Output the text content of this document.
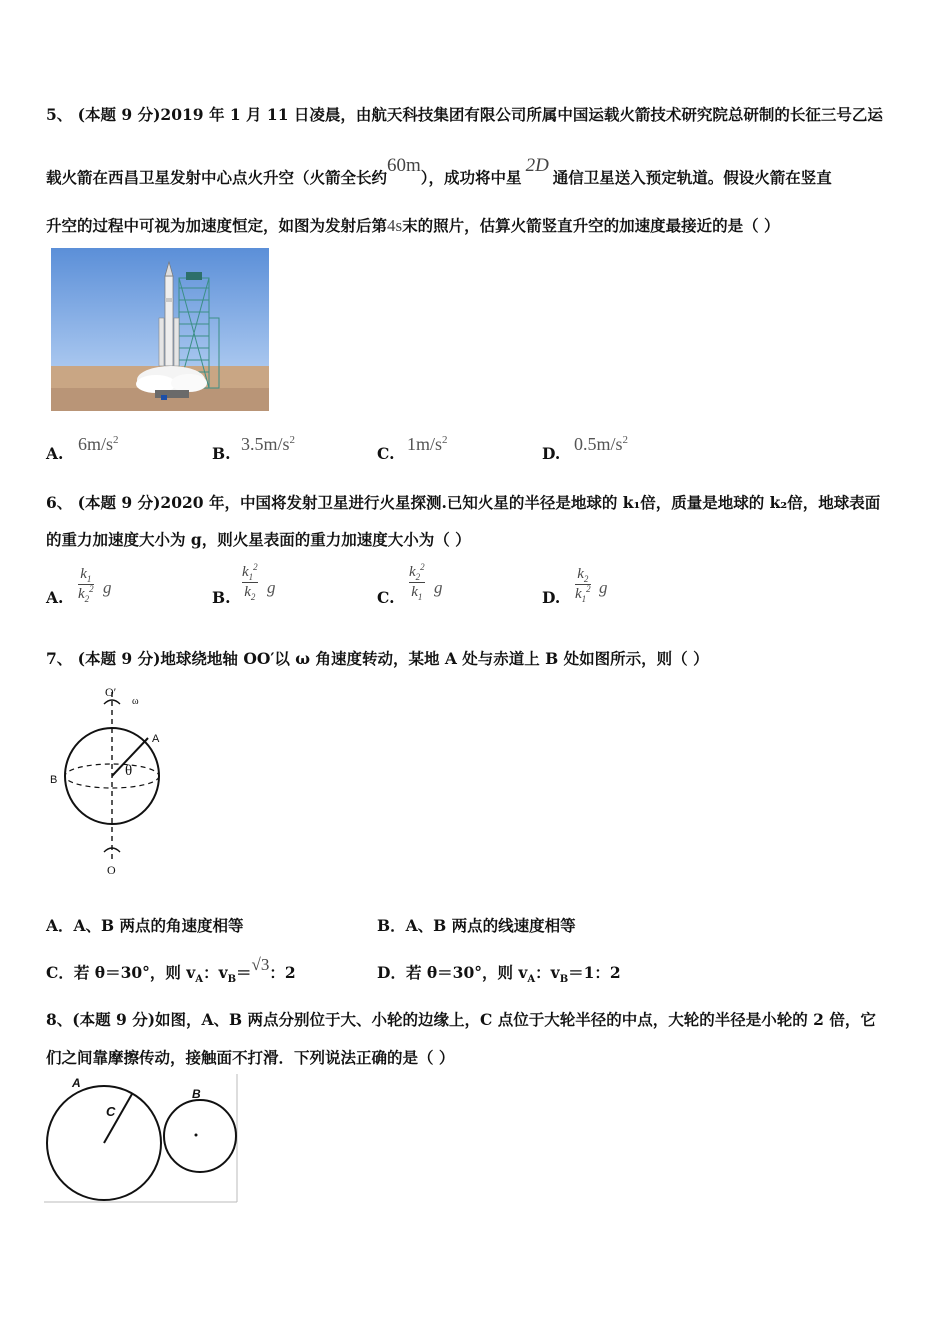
5、 (本题 9 分)2019 年 1 月 11 日凌晨，由航天科技集团有限公司所属中国运载火箭技术研究院总研制的长征三号乙运
载火箭在西昌卫星发射中心点火升空（火箭全长约60m），成功将中星2D通信卫星送入预定轨道。假设火箭在竖直
升空的过程中可视为加速度恒定，如图为发射后第4s末的照片，估算火箭竖直升空的加速度最接近的是（ ）
A. $6m/s^2$
B. $3.5m/s^2$
C. $1m/s^2$
D. $0.5m/s^2$
6、 (本题 9 分)2020 年，中国将发射卫星进行火星探测.已知火星的半径是地球的 k₁倍，质量是地球的 k₂倍，地球表面
的重力加速度大小为 g，则火星表面的重力加速度大小为（ ）
A.
$k_1$
$k_2^2$ g
B.
$k_1^2$
$k_2$ g
C.
$k_2^2$
$k_1$ g
D.
$k_2$
$k_1^2$ g
7、 (本题 9 分)地球绕地轴 OO′以 ω 角速度转动，某地 A 处与赤道上 B 处如图所示，则（ ）
O′
ω
A
B
θ
O
A．A、B 两点的角速度相等	B．A、B 两点的线速度相等
C．若 θ＝30°，则 $v_A$：$v_B=√3$：2	D．若 θ＝30°，则 $v_A$：$v_B=1$：2
8、(本题 9 分)如图，A、B 两点分别位于大、小轮的边缘上，C 点位于大轮半径的中点，大轮的半径是小轮的 2 倍，它
们之间靠摩擦传动，接触面不打滑．下列说法正确的是（ ）
A
C
B
